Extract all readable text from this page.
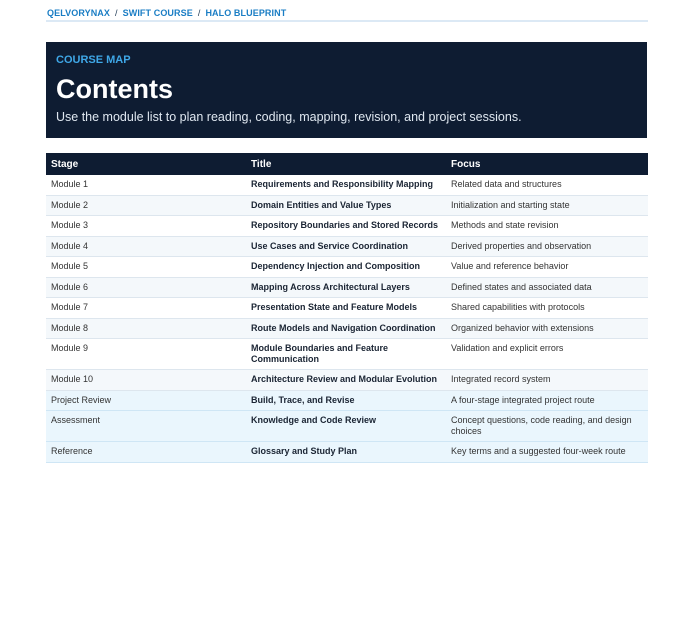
QELVORYNAX / SWIFT COURSE / HALO BLUEPRINT
COURSE MAP
Contents
Use the module list to plan reading, coding, mapping, revision, and project sessions.
Stage	Title	Focus
Module 1	Requirements and Responsibility Mapping	Related data and structures
Module 2	Domain Entities and Value Types	Initialization and starting state
Module 3	Repository Boundaries and Stored Records	Methods and state revision
Module 4	Use Cases and Service Coordination	Derived properties and observation
Module 5	Dependency Injection and Composition	Value and reference behavior
Module 6	Mapping Across Architectural Layers	Defined states and associated data
Module 7	Presentation State and Feature Models	Shared capabilities with protocols
Module 8	Route Models and Navigation Coordination	Organized behavior with extensions
Module 9	Module Boundaries and Feature Communication	Validation and explicit errors
Module 10	Architecture Review and Modular Evolution	Integrated record system
Project Review	Build, Trace, and Revise	A four-stage integrated project route
Assessment	Knowledge and Code Review	Concept questions, code reading, and design choices
Reference	Glossary and Study Plan	Key terms and a suggested four-week route
